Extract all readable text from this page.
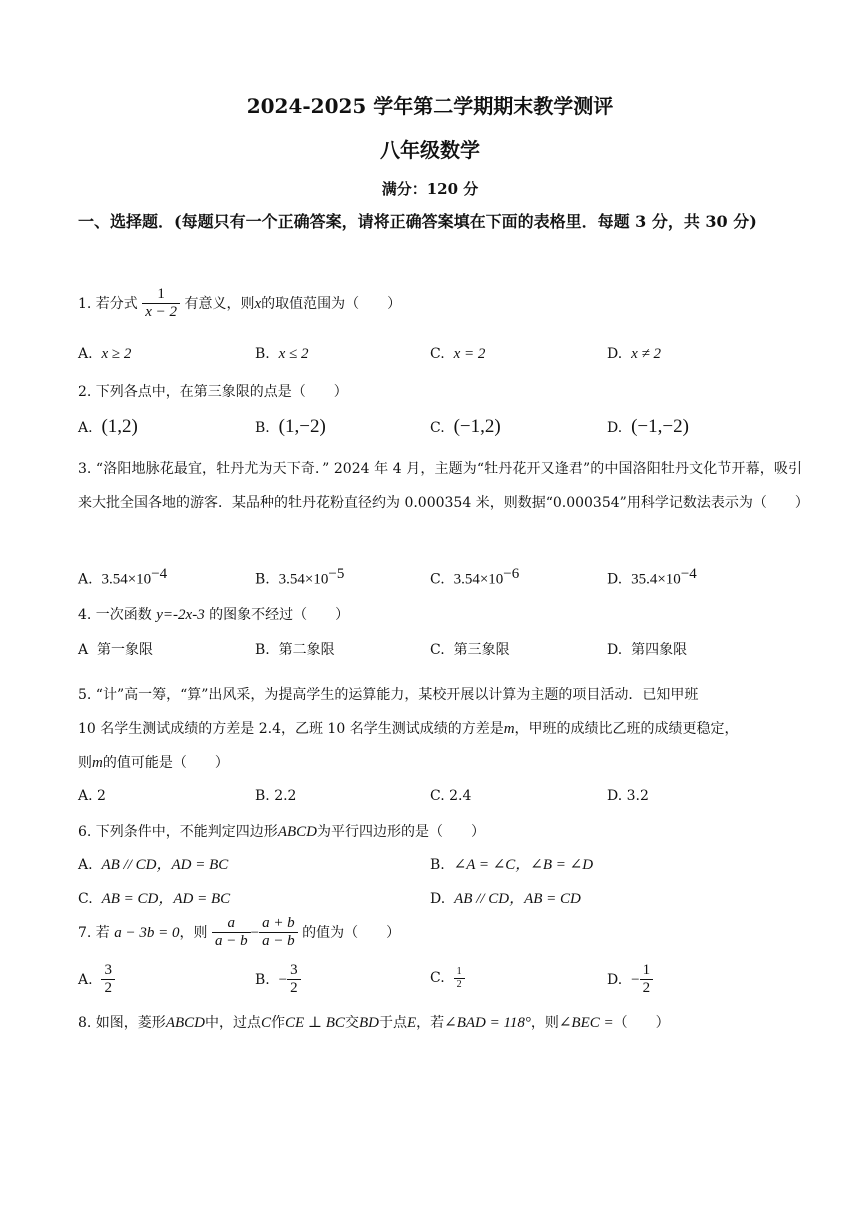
2024-2025 学年第二学期期末教学测评
八年级数学
满分：120 分
一、选择题．(每题只有一个正确答案，请将正确答案填在下面的表格里．每题 3 分，共 30 分)
1. 若分式 $\frac{1}{x - 2}$ 有意义，则x的取值范围为（　　）
A. x ≥ 2	B. x ≤ 2	C. x = 2	D. x ≠ 2
2. 下列各点中，在第三象限的点是（　　）
A. (1,2)	B. (1,−2)	C. (−1,2)	D. (−1,−2)
3. “洛阳地脉花最宜，牡丹尤为天下奇．” 2024 年 4 月，主题为“牡丹花开又逢君”的中国洛阳牡丹文化节开幕，吸引来大批全国各地的游客．某品种的牡丹花粉直径约为 0.000354 米，则数据“0.000354”用科学记数法表示为（　　）
A. $3.54\times 10^{-4}$	B. $3.54\times 10^{-5}$	C. $3.54\times 10^{-6}$	D. $35.4\times 10^{-4}$
4. 一次函数 y=-2x-3 的图象不经过（　　）
A 第一象限	B. 第二象限	C. 第三象限	D. 第四象限
5. “计”高一筹，“算”出风采，为提高学生的运算能力，某校开展以计算为主题的项目活动．已知甲班
10 名学生测试成绩的方差是 2.4，乙班 10 名学生测试成绩的方差是m，甲班的成绩比乙班的成绩更稳定，
则m的值可能是（　　）
A. 2	B. 2.2	C. 2.4	D. 3.2
6. 下列条件中，不能判定四边形ABCD为平行四边形的是（　　）
A. AB // CD，AD = BC	B. ∠A = ∠C，∠B = ∠D
C. AB = CD，AD = BC	D. AB // CD，AB = CD
7. 若 a − 3b = 0，则 $\frac{a}{a - b} - \frac{a + b}{a - b}$ 的值为（　　）
A. $\frac{3}{2}$	B. − $\frac{3}{2}$	C. $\frac{1}{2}$	D. − $\frac{1}{2}$
8. 如图，菱形ABCD中，过点C作CE ⊥ BC交BD于点E，若∠BAD = 118°，则∠BEC =（　　）
